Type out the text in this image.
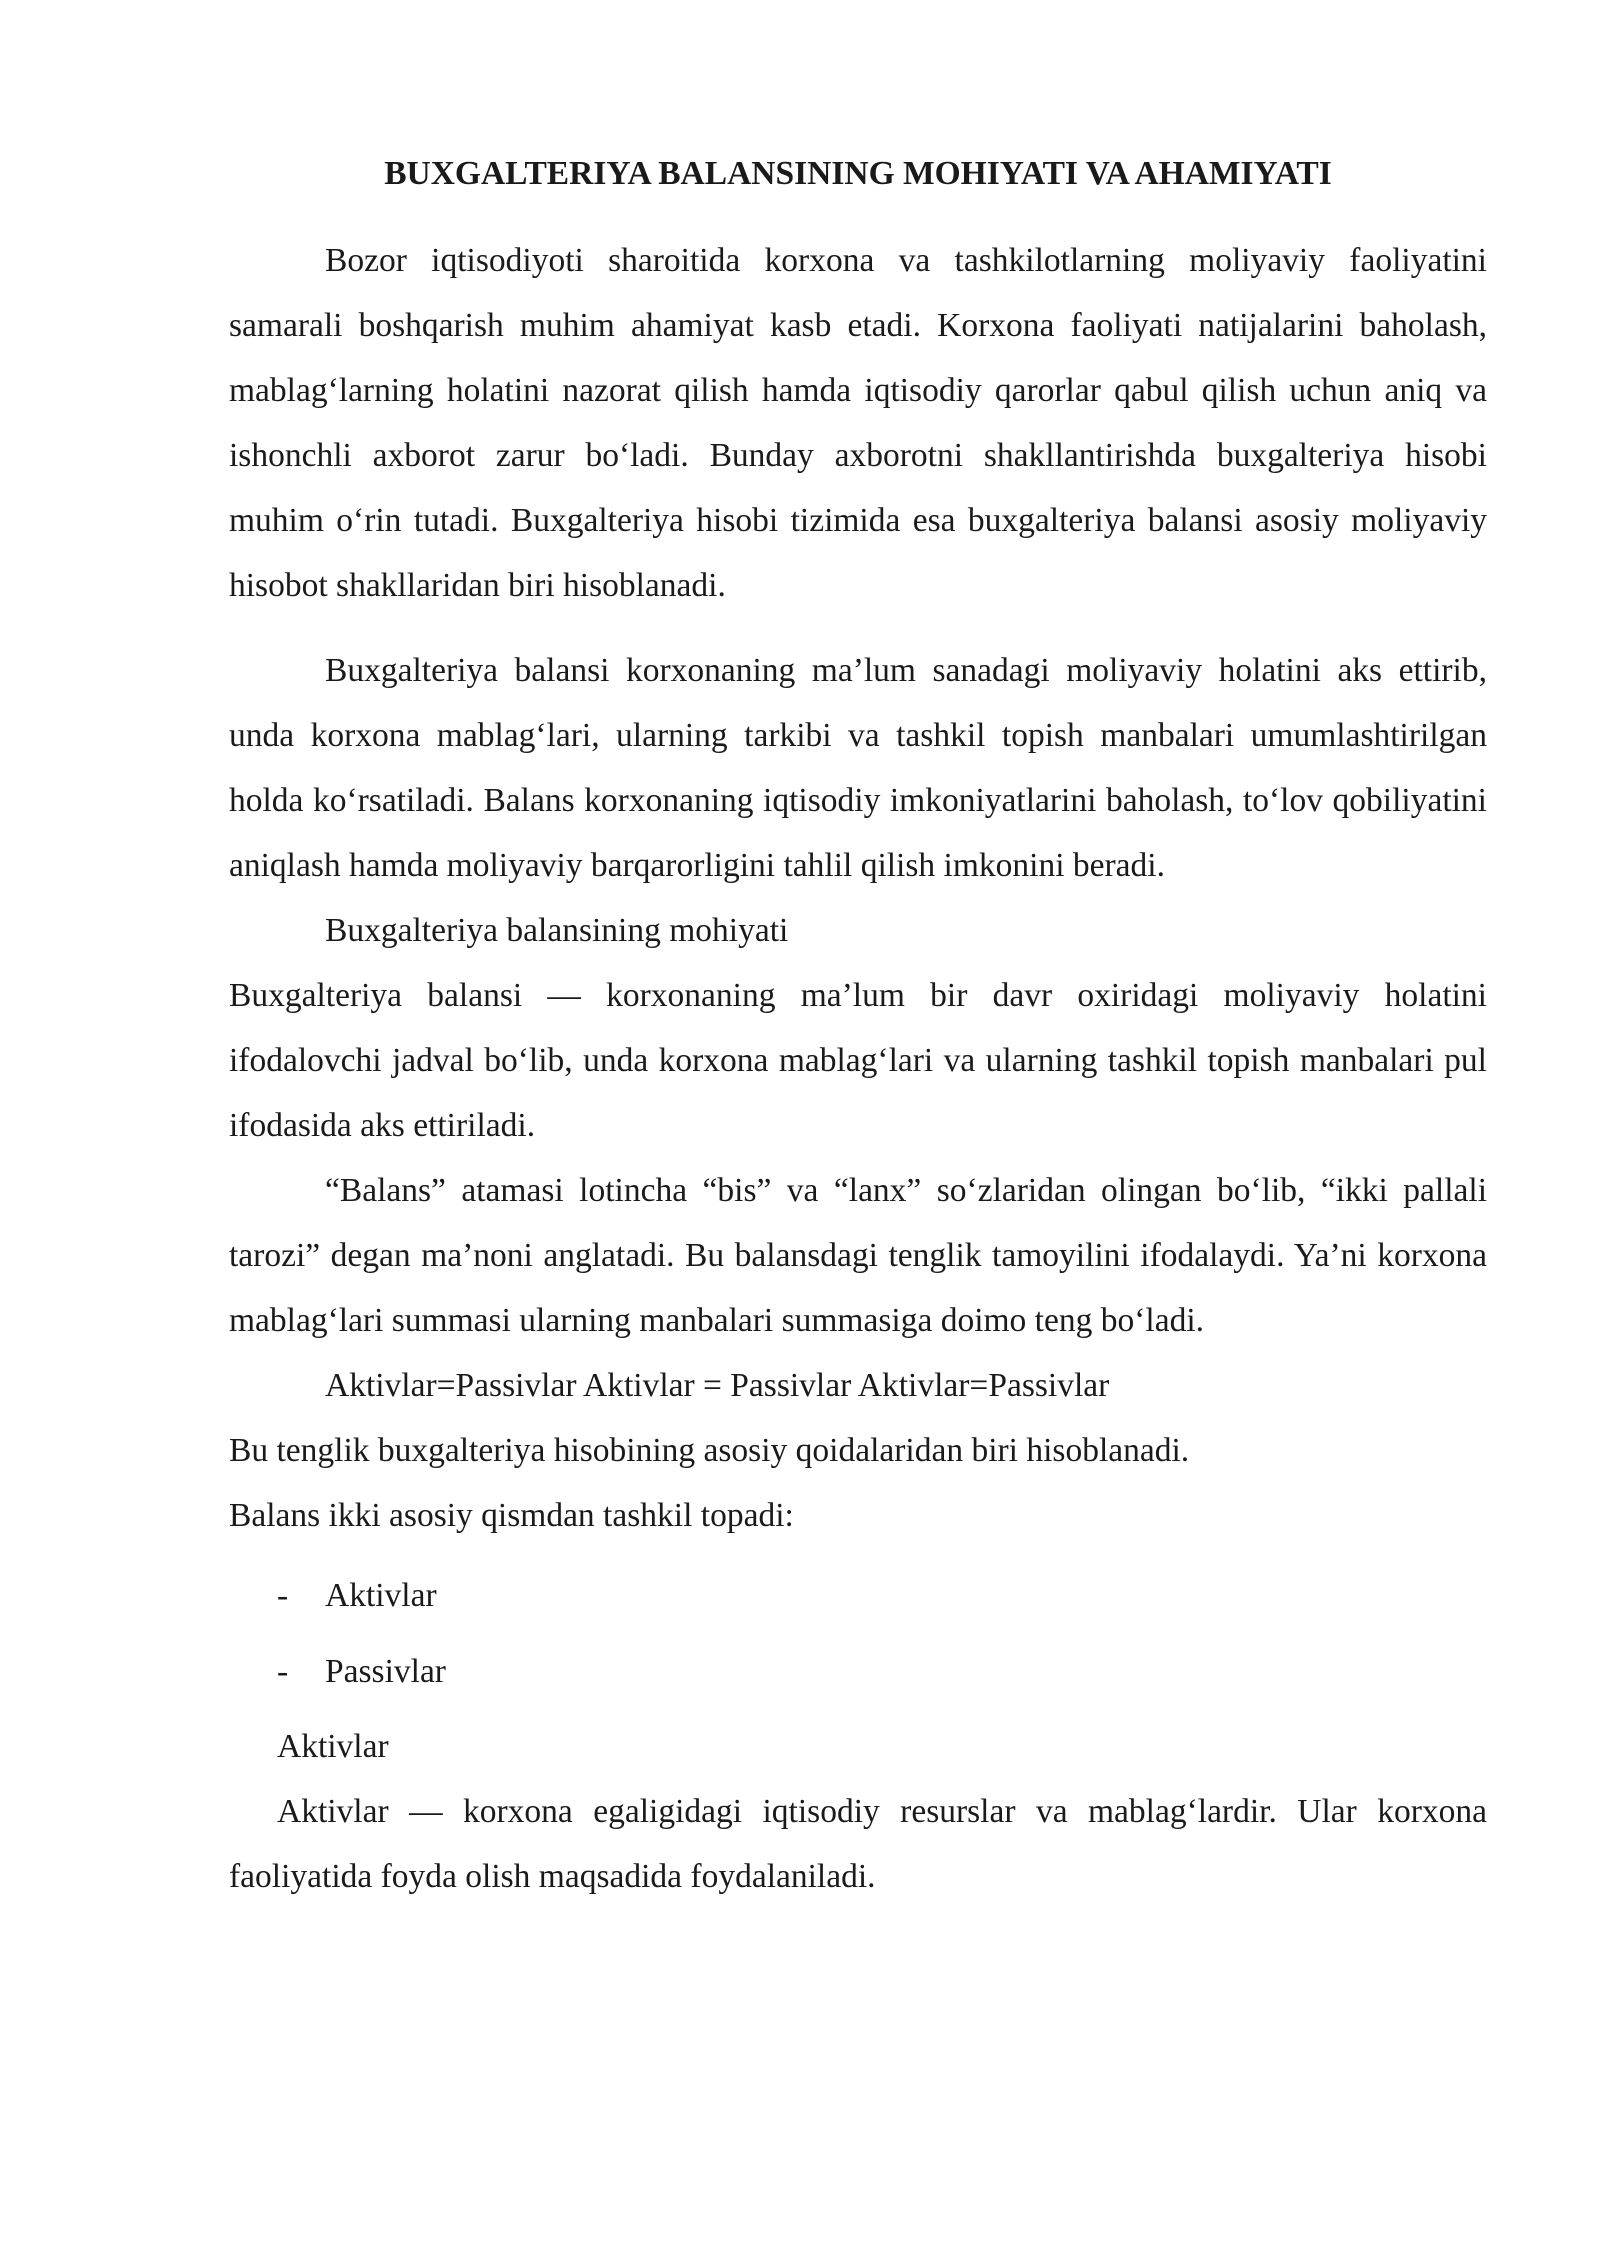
BUXGALTERIYA BALANSINING MOHIYATI VA AHAMIYATI

Bozor iqtisodiyoti sharoitida korxona va tashkilotlarning moliyaviy faoliyatini samarali boshqarish muhim ahamiyat kasb etadi. Korxona faoliyati natijalarini baholash, mablag‘larning holatini nazorat qilish hamda iqtisodiy qarorlar qabul qilish uchun aniq va ishonchli axborot zarur bo‘ladi. Bunday axborotni shakllantirishda buxgalteriya hisobi muhim o‘rin tutadi. Buxgalteriya hisobi tizimida esa buxgalteriya balansi asosiy moliyaviy hisobot shakllaridan biri hisoblanadi.

Buxgalteriya balansi korxonaning ma’lum sanadagi moliyaviy holatini aks ettirib, unda korxona mablag‘lari, ularning tarkibi va tashkil topish manbalari umumlashtirilgan holda ko‘rsatiladi. Balans korxonaning iqtisodiy imkoniyatlarini baholash, to‘lov qobiliyatini aniqlash hamda moliyaviy barqarorligini tahlil qilish imkonini beradi.

Buxgalteriya balansining mohiyati

Buxgalteriya balansi — korxonaning ma’lum bir davr oxiridagi moliyaviy holatini ifodalovchi jadval bo‘lib, unda korxona mablag‘lari va ularning tashkil topish manbalari pul ifodasida aks ettiriladi.

“Balans” atamasi lotincha “bis” va “lanx” so‘zlaridan olingan bo‘lib, “ikki pallali tarozi” degan ma’noni anglatadi. Bu balansdagi tenglik tamoyilini ifodalaydi. Ya’ni korxona mablag‘lari summasi ularning manbalari summasiga doimo teng bo‘ladi.

Aktivlar=Passivlar Aktivlar = Passivlar Aktivlar=Passivlar

Bu tenglik buxgalteriya hisobining asosiy qoidalaridan biri hisoblanadi.

Balans ikki asosiy qismdan tashkil topadi:

- Aktivlar
- Passivlar

Aktivlar

Aktivlar — korxona egaligidagi iqtisodiy resurslar va mablag‘lardir. Ular korxona faoliyatida foyda olish maqsadida foydalaniladi.
